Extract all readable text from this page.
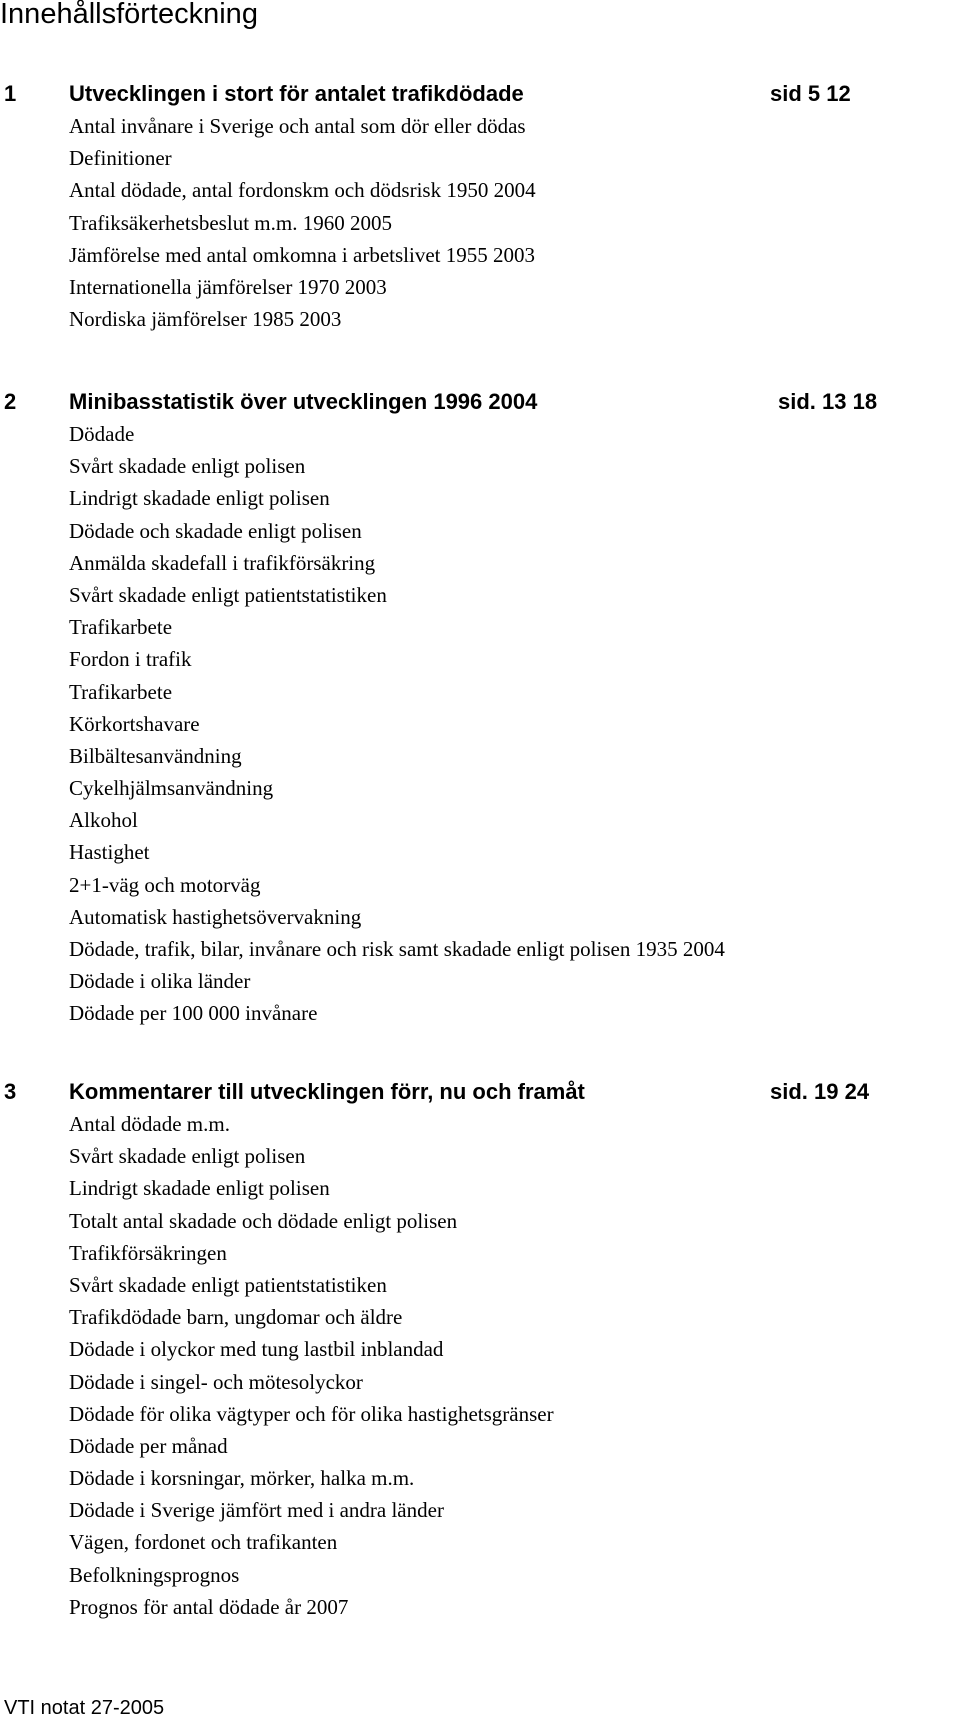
Innehållsförteckning
1 Utvecklingen i stort för antalet trafikdödade	sid 5 12
Antal invånare i Sverige och antal som dör eller dödas
Definitioner
Antal dödade, antal fordonskm och dödsrisk 1950 2004
Trafiksäkerhetsbeslut m.m. 1960 2005
Jämförelse med antal omkomna i arbetslivet 1955 2003
Internationella jämförelser 1970 2003
Nordiska jämförelser 1985 2003
2 Minibasstatistik över utvecklingen 1996 2004	sid. 13 18
Dödade
Svårt skadade enligt polisen
Lindrigt skadade enligt polisen
Dödade och skadade enligt polisen
Anmälda skadefall i trafikförsäkring
Svårt skadade enligt patientstatistiken
Trafikarbete
Fordon i trafik
Trafikarbete
Körkortshavare
Bilbältesanvändning
Cykelhjälmsanvändning
Alkohol
Hastighet
2+1-väg och motorväg
Automatisk hastighetsövervakning
Dödade, trafik, bilar, invånare och risk samt skadade enligt polisen 1935 2004
Dödade i olika länder
Dödade per 100 000 invånare
3 Kommentarer till utvecklingen förr, nu och framåt	sid. 19 24
Antal dödade m.m.
Svårt skadade enligt polisen
Lindrigt skadade enligt polisen
Totalt antal skadade och dödade enligt polisen
Trafikförsäkringen
Svårt skadade enligt patientstatistiken
Trafikdödade barn, ungdomar och äldre
Dödade i olyckor med tung lastbil inblandad
Dödade i singel- och mötesolyckor
Dödade för olika vägtyper och för olika hastighetsgränser
Dödade per månad
Dödade i korsningar, mörker, halka m.m.
Dödade i Sverige jämfört med i andra länder
Vägen, fordonet och trafikanten
Befolkningsprognos
Prognos för antal dödade år 2007
VTI notat 27-2005
